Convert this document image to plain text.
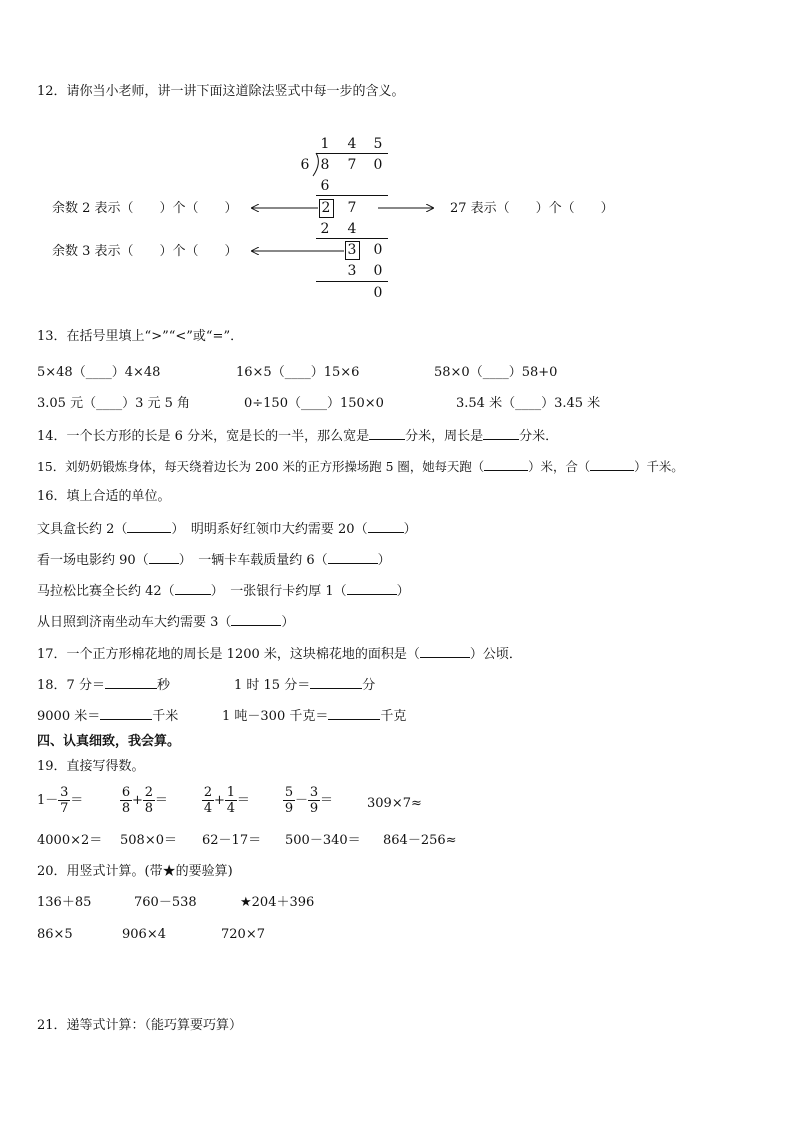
12．请你当小老师，讲一讲下面这道除法竖式中每一步的含义。
1 4 5
6 8 7 0
6
2 7
2 4
3 0
3 0
0
余数 2 表示（　　）个（　　）
余数 3 表示（　　）个（　　）
27 表示（　　）个（　　）
13．在括号里填上“>”“<”或“=”．
5×48（____）4×48	16×5（____）15×6	58×0（____）58+0
3.05 元（____）3 元 5 角	0÷150（____）150×0	3.54 米（____）3.45 米
14．一个长方形的长是 6 分米，宽是长的一半，那么宽是	分米，周长是	分米．
15．刘奶奶锻炼身体，每天绕着边长为 200 米的正方形操场跑 5 圈，她每天跑（	）米，合（	）千米。
16．填上合适的单位。
文具盒长约 2（	）　明明系好红领巾大约需要 20（	）
看一场电影约 90（ ）　一辆卡车载质量约 6（	）
马拉松比赛全长约 42（	）　一张银行卡约厚 1（	）
从日照到济南坐动车大约需要 3（	）
17．一个正方形棉花地的周长是 1200 米，这块棉花地的面积是（	）公顷．
18．7 分＝	秒	1 时 15 分＝	分
9000 米＝	千米	1 吨－300 千克＝	千克
四、认真细致，我会算。
19．直接写得数。
$1- \frac{3}{7}$ ＝	$\frac{6}{8} + \frac{2}{8}$ ＝	$\frac{2}{4} + \frac{1}{4}$ ＝	$\frac{5}{9} - \frac{3}{9}$ ＝	309×7≈
4000×2＝ 508×0＝ 62－17＝ 500－340＝ 864－256≈
20．用竖式计算。(带★的要验算)
136＋85	760－538	★204＋396
86×5	906×4	720×7
21．递等式计算：（能巧算要巧算）
